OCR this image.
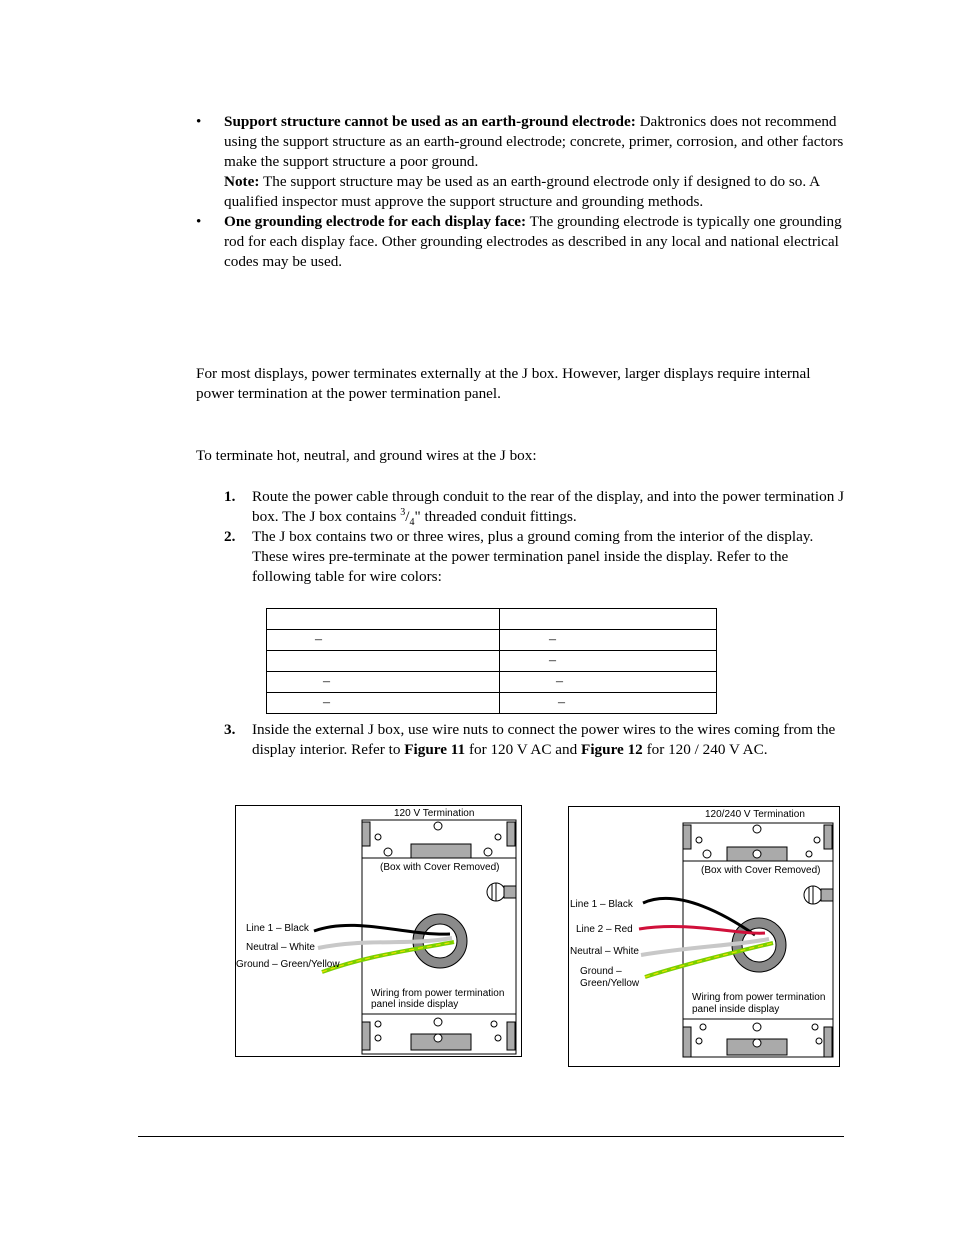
• Support structure cannot be used as an earth-ground electrode: Daktronics does not recommend using the support structure as an earth-ground electrode; concrete, primer, corrosion, and other factors make the support structure a poor ground.
Note: The support structure may be used as an earth-ground electrode only if designed to do so. A qualified inspector must approve the support structure and grounding methods.
• One grounding electrode for each display face: The grounding electrode is typically one grounding rod for each display face. Other grounding electrodes as described in any local and national electrical codes may be used.

For most displays, power terminates externally at the J box. However, larger displays require internal power termination at the power termination panel.

To terminate hot, neutral, and ground wires at the J box:

1. Route the power cable through conduit to the rear of the display, and into the power termination J box. The J box contains $^3/_4$" threaded conduit fittings.
2. The J box contains two or three wires, plus a ground coming from the interior of the display. These wires pre-terminate at the power termination panel inside the display. Refer to the following table for wire colors:

–	–
	–
–	–
–	–
3. Inside the external J box, use wire nuts to connect the power wires to the wires coming from the display interior. Refer to Figure 11 for 120 V AC and Figure 12 for 120 / 240 V AC.
120 V Termination
(Box with Cover Removed)
Line 1 – Black
Neutral – White
Ground – Green/Yellow
Wiring from power termination
panel inside display
120/240 V Termination
(Box with Cover Removed)
Line 1 – Black
Line 2 – Red
Neutral – White
Ground –
Green/Yellow
Wiring from power termination
panel inside display
